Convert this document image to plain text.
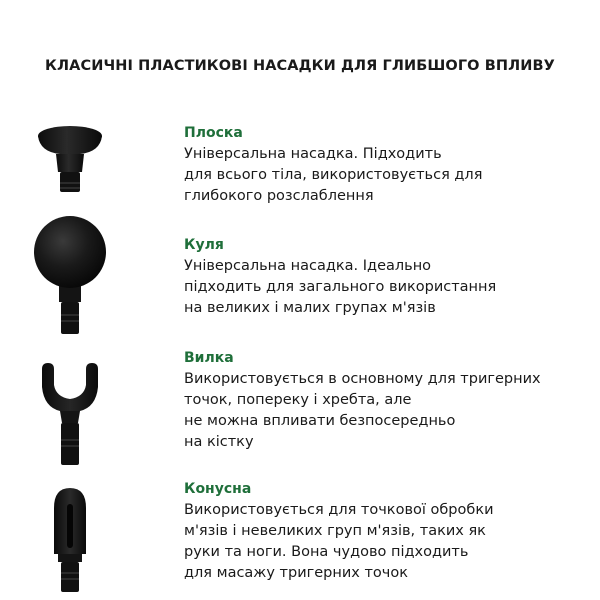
КЛАСИЧНІ ПЛАСТИКОВІ НАСАДКИ ДЛЯ ГЛИБШОГО ВПЛИВУ
Плоска
Універсальна насадка. Підходить
для всього тіла, використовується для
глибокого розслаблення
Куля
Універсальна насадка. Ідеально
підходить для загального використання
на великих і малих групах м'язів
Вилка
Використовується в основному для тригерних
точок, попереку і хребта, але
не можна впливати безпосередньо
на кістку
Конусна
Використовується для точкової обробки
м'язів і невеликих груп м'язів, таких як
руки та ноги. Вона чудово підходить
для масажу тригерних точок
